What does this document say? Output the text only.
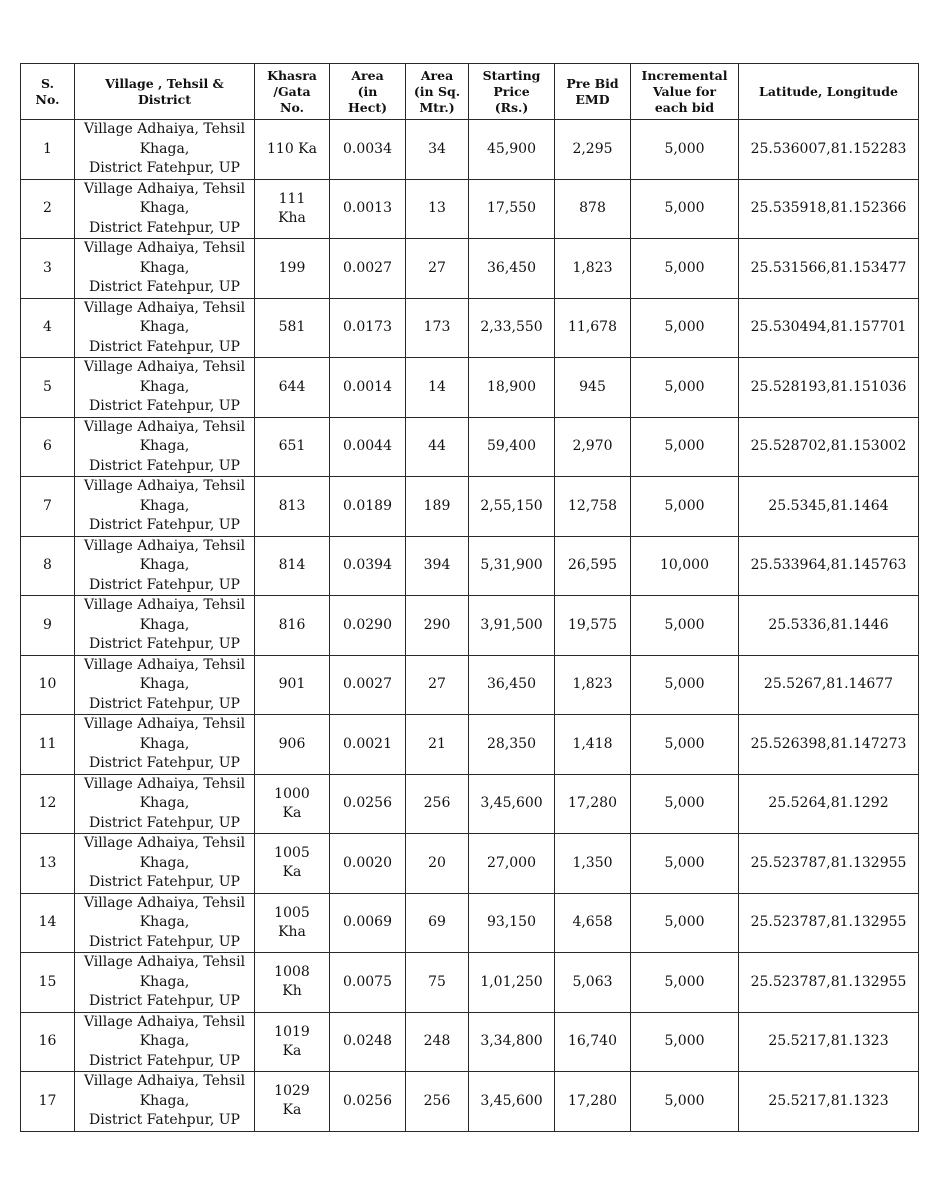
S.
No.	Village , Tehsil &
District	Khasra
/Gata
No.	Area
(in
Hect)	Area
(in Sq.
Mtr.)	Starting
Price
(Rs.)	Pre Bid
EMD	Incremental
Value for
each bid	Latitude, Longitude
1	Village Adhaiya, Tehsil
Khaga,
District Fatehpur, UP	110 Ka	0.0034	34	45,900	2,295	5,000	25.536007,81.152283
2	Village Adhaiya, Tehsil
Khaga,
District Fatehpur, UP	111 Kha	0.0013	13	17,550	878	5,000	25.535918,81.152366
3	Village Adhaiya, Tehsil
Khaga,
District Fatehpur, UP	199	0.0027	27	36,450	1,823	5,000	25.531566,81.153477
4	Village Adhaiya, Tehsil
Khaga,
District Fatehpur, UP	581	0.0173	173	2,33,550	11,678	5,000	25.530494,81.157701
5	Village Adhaiya, Tehsil
Khaga,
District Fatehpur, UP	644	0.0014	14	18,900	945	5,000	25.528193,81.151036
6	Village Adhaiya, Tehsil
Khaga,
District Fatehpur, UP	651	0.0044	44	59,400	2,970	5,000	25.528702,81.153002
7	Village Adhaiya, Tehsil
Khaga,
District Fatehpur, UP	813	0.0189	189	2,55,150	12,758	5,000	25.5345,81.1464
8	Village Adhaiya, Tehsil
Khaga,
District Fatehpur, UP	814	0.0394	394	5,31,900	26,595	10,000	25.533964,81.145763
9	Village Adhaiya, Tehsil
Khaga,
District Fatehpur, UP	816	0.0290	290	3,91,500	19,575	5,000	25.5336,81.1446
10	Village Adhaiya, Tehsil
Khaga,
District Fatehpur, UP	901	0.0027	27	36,450	1,823	5,000	25.5267,81.14677
11	Village Adhaiya, Tehsil
Khaga,
District Fatehpur, UP	906	0.0021	21	28,350	1,418	5,000	25.526398,81.147273
12	Village Adhaiya, Tehsil
Khaga,
District Fatehpur, UP	1000 Ka	0.0256	256	3,45,600	17,280	5,000	25.5264,81.1292
13	Village Adhaiya, Tehsil
Khaga,
District Fatehpur, UP	1005 Ka	0.0020	20	27,000	1,350	5,000	25.523787,81.132955
14	Village Adhaiya, Tehsil
Khaga,
District Fatehpur, UP	1005 Kha	0.0069	69	93,150	4,658	5,000	25.523787,81.132955
15	Village Adhaiya, Tehsil
Khaga,
District Fatehpur, UP	1008 Kh	0.0075	75	1,01,250	5,063	5,000	25.523787,81.132955
16	Village Adhaiya, Tehsil
Khaga,
District Fatehpur, UP	1019 Ka	0.0248	248	3,34,800	16,740	5,000	25.5217,81.1323
17	Village Adhaiya, Tehsil
Khaga,
District Fatehpur, UP	1029 Ka	0.0256	256	3,45,600	17,280	5,000	25.5217,81.1323
